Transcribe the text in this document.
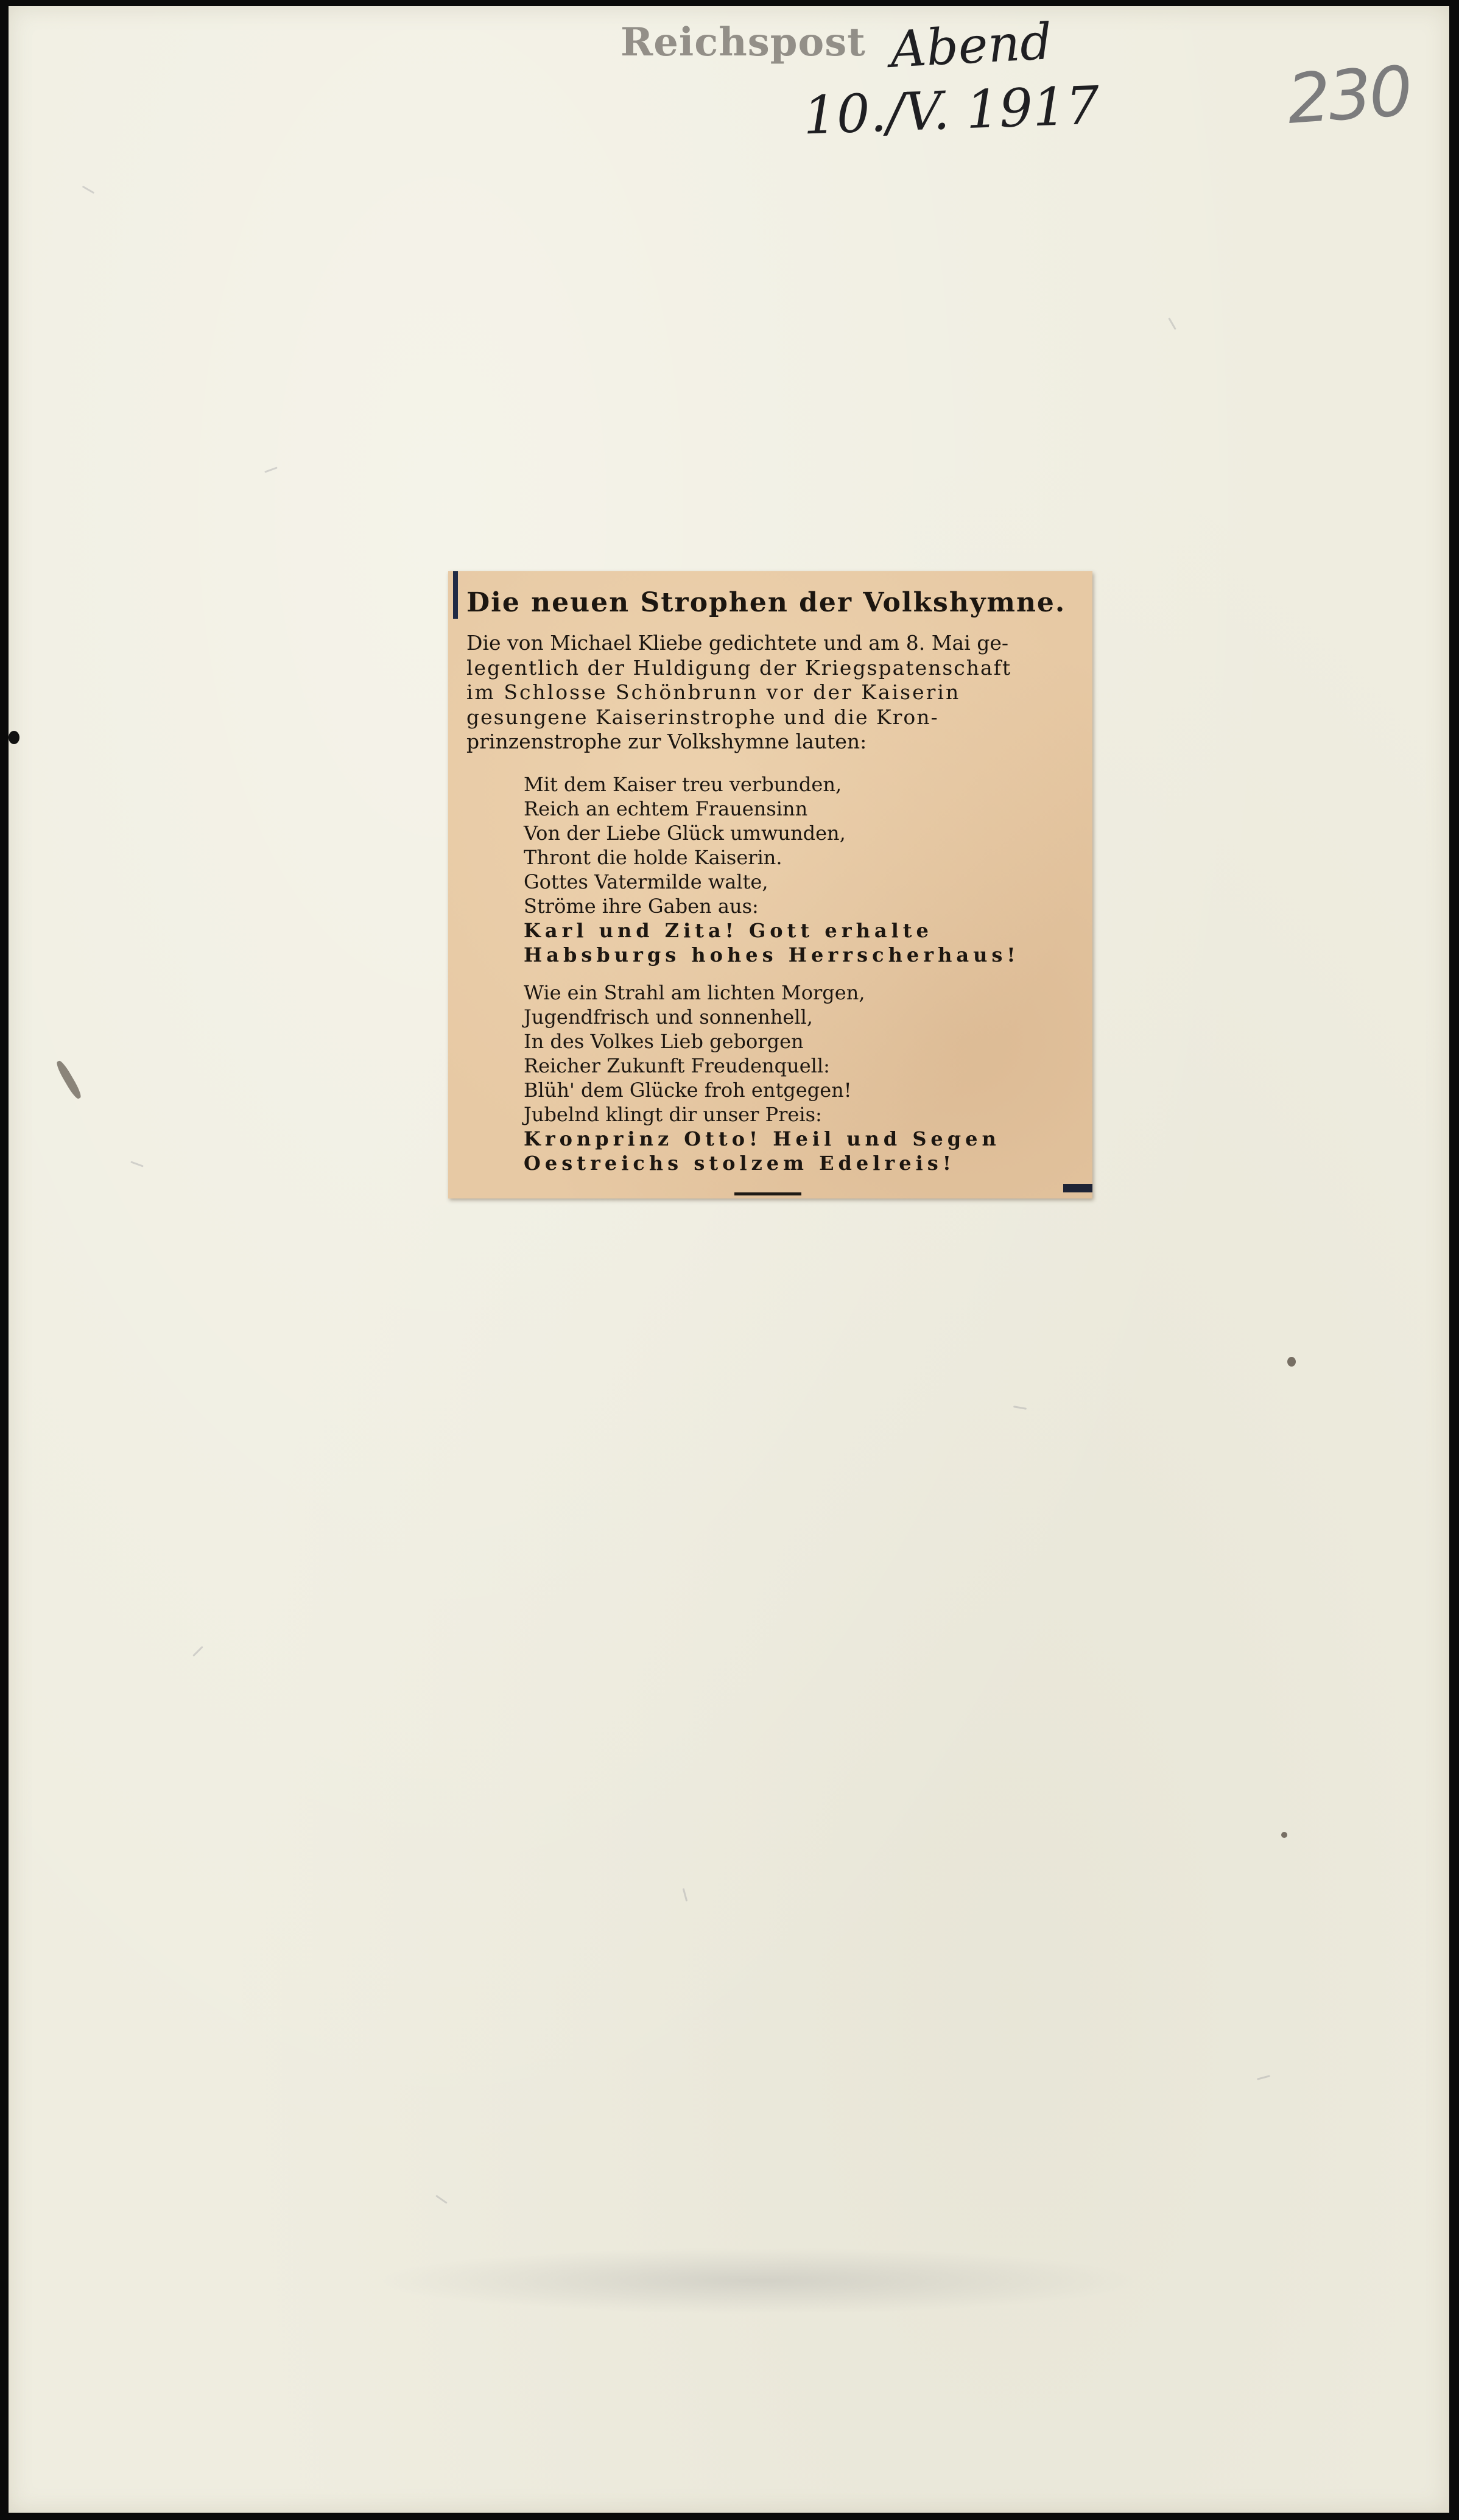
Reichspost Abend
10./V. 1917	230
Die neuen Strophen der Volkshymne.
Die von Michael Kliebe gedichtete und am 8. Mai ge-
legentlich der Huldigung der Kriegspatenschaft
im Schlosse Schönbrunn vor der Kaiserin
gesungene Kaiserinstrophe und die Kron-
prinzenstrophe zur Volkshymne lauten:
Mit dem Kaiser treu verbunden,
Reich an echtem Frauensinn
Von der Liebe Glück umwunden,
Thront die holde Kaiserin.
Gottes Vatermilde walte,
Ströme ihre Gaben aus:
Karl und Zita! Gott erhalte
Habsburgs hohes Herrscherhaus!
Wie ein Strahl am lichten Morgen,
Jugendfrisch und sonnenhell,
In des Volkes Lieb geborgen
Reicher Zukunft Freudenquell:
Blüh' dem Glücke froh entgegen!
Jubelnd klingt dir unser Preis:
Kronprinz Otto! Heil und Segen
Oestreichs stolzem Edelreis!
